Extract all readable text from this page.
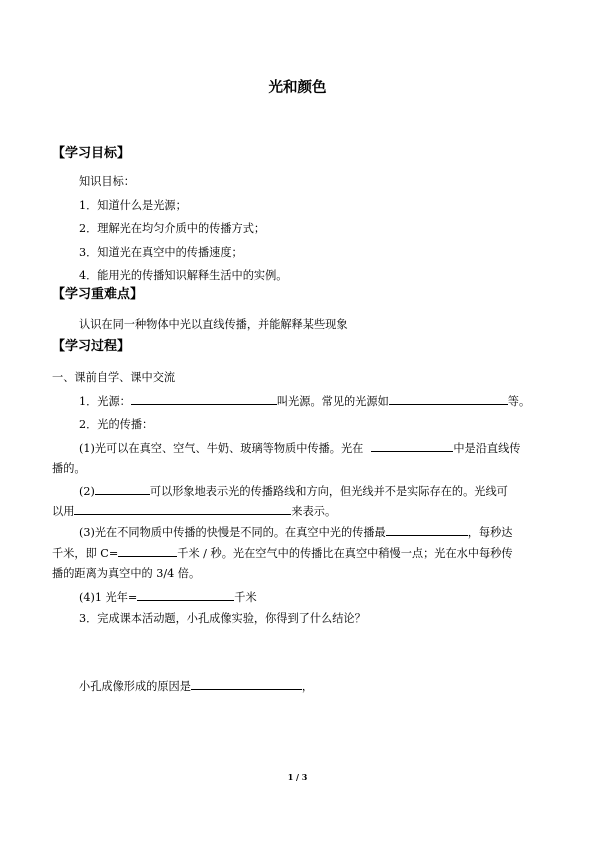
光和颜色
【学习目标】
知识目标：
1．知道什么是光源；
2．理解光在均匀介质中的传播方式；
3．知道光在真空中的传播速度；
4．能用光的传播知识解释生活中的实例。
【学习重难点】
认识在同一种物体中光以直线传播，并能解释某些现象
【学习过程】
一、课前自学、课中交流
1．光源：	叫光源。常见的光源如	等。
2．光的传播：
(1)光可以在真空、空气、牛奶、玻璃等物质中传播。光在	中是沿直线传
播的。
(2)	可以形象地表示光的传播路线和方向，但光线并不是实际存在的。光线可
以用	来表示。
(3)光在不同物质中传播的快慢是不同的。在真空中光的传播最	，每秒达
千米，即 C=	千米 / 秒。光在空气中的传播比在真空中稍慢一点；光在水中每秒传
播的距离为真空中的 3/4 倍。
(4)1 光年=	千米
3．完成课本活动题，小孔成像实验，你得到了什么结论？
小孔成像形成的原因是	，
1 / 3
